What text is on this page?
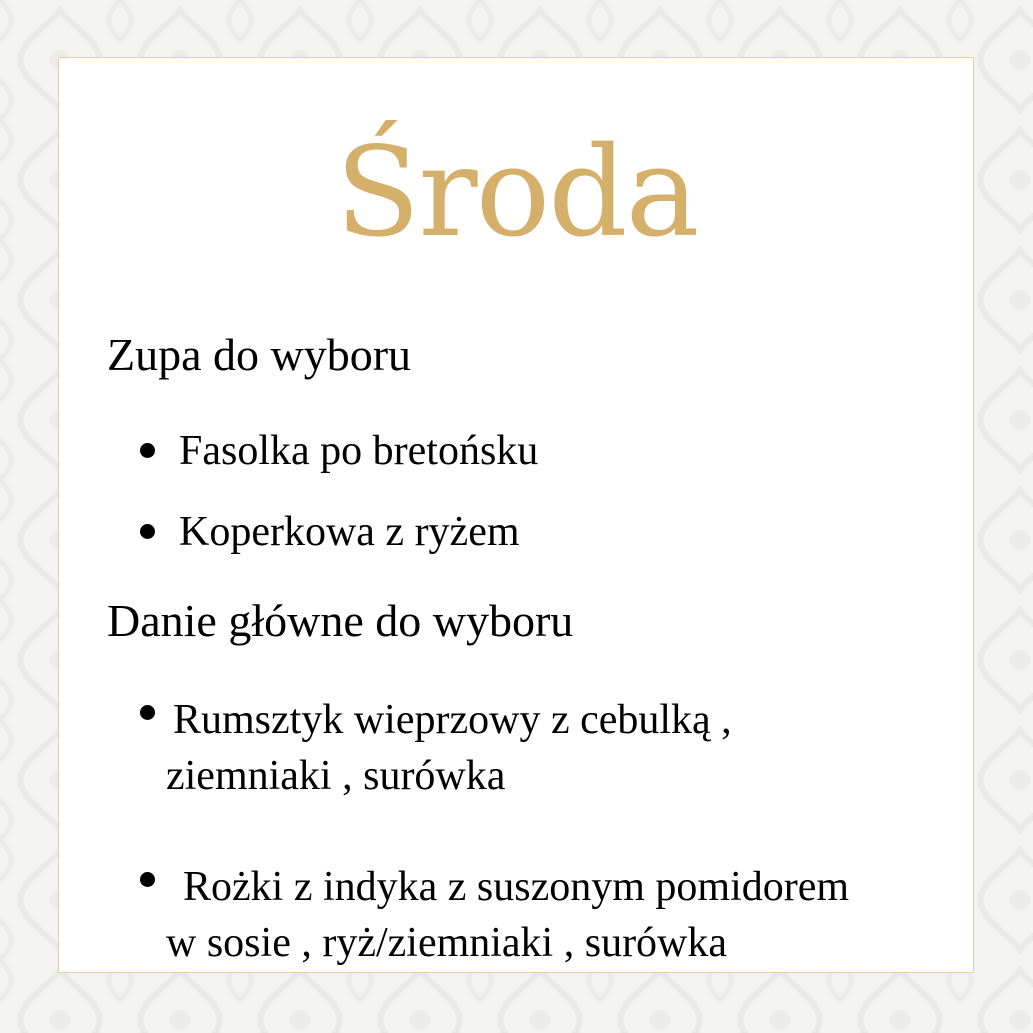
Środa
Zupa do wyboru
Fasolka po bretońsku
Koperkowa z ryżem
Danie główne do wyboru
Rumsztyk wieprzowy z cebulką ,
ziemniaki , surówka
Rożki z indyka z suszonym pomidorem
w sosie , ryż/ziemniaki , surówka
